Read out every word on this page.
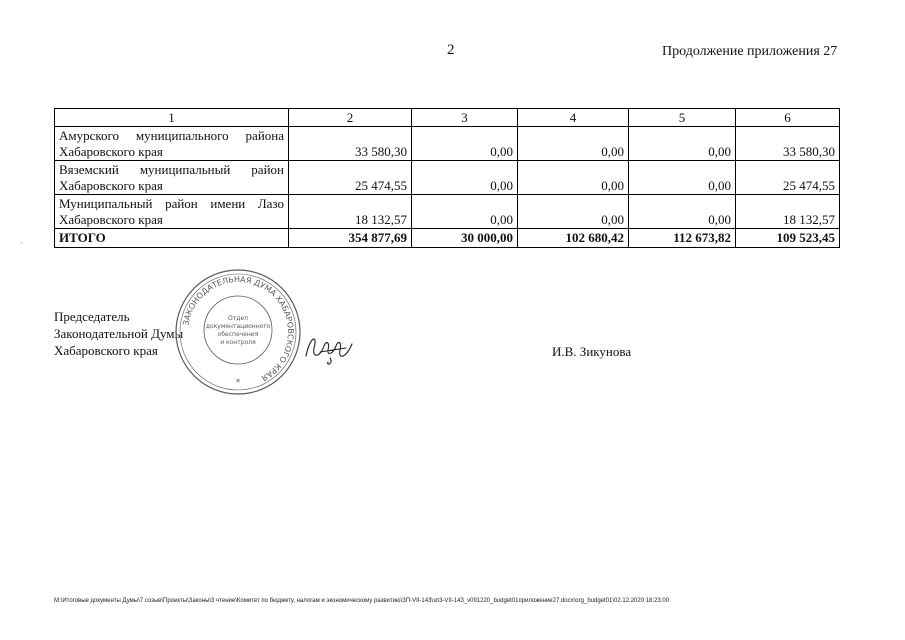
2	Продолжение приложения 27
-
1	2	3	4	5	6

Амурского муниципального района
Хабаровского края	33 580,30	0,00	0,00	0,00	33 580,30

Вяземский муниципальный район
Хабаровского края	25 474,55	0,00	0,00	0,00	25 474,55

Муниципальный район имени Лазо
Хабаровского края	18 132,57	0,00	0,00	0,00	18 132,57
ИТОГО	354 877,69	30 000,00	102 680,42	112 673,82	109 523,45
Председатель
Законодательной Думы
Хабаровского края	И.В. Зикунова
ЗАКОНОДАТЕЛЬНАЯ ДУМА ХАБАРОВСКОГО КРАЯ
Отдел
документационного
обеспечения
и контроля
*
M:\Итоговые документы Думы\7 созыв\Проекты\Законы\3 чтение\Комитет по бюджету, налогам и экономическому развитию\ЗП-VII-143\зп3-VII-143_v091220_budget01приложение27.docx\org_budget01\02.12.2020 18:23:00
